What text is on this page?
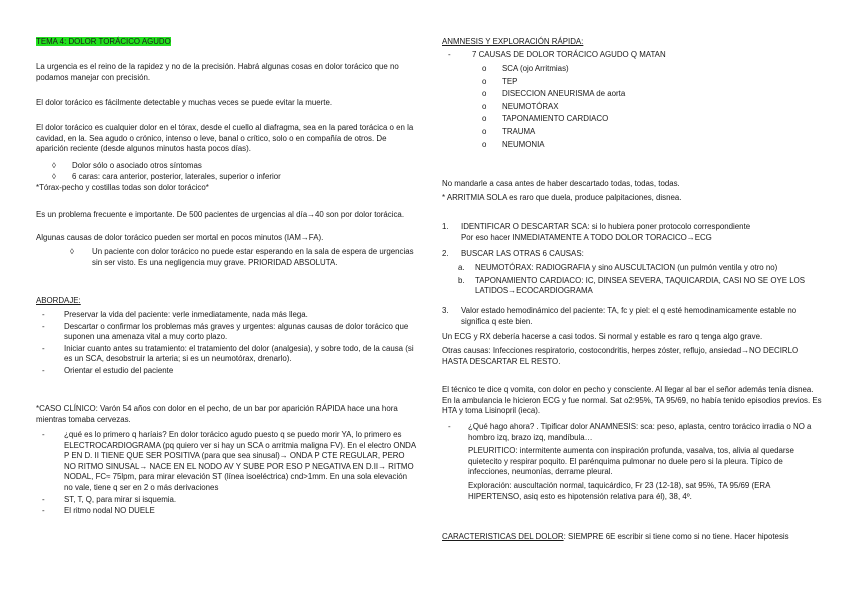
TEMA 4: DOLOR TORÁCICO AGUDO

La urgencia es el reino de la rapidez y no de la precisión. Habrá algunas cosas en dolor torácico que no podamos manejar con precisión.

El dolor torácico es fácilmente detectable y muchas veces se puede evitar la muerte.

El dolor torácico es cualquier dolor en el tórax, desde el cuello al diafragma, sea en la pared torácica o en la cavidad, en la. Sea agudo o crónico, intenso o leve, banal o crítico, solo o en compañía de otros. De aparición reciente (desde algunos minutos hasta pocos días).

◊	Dolor sólo o asociado otros síntomas
◊	6 caras: cara anterior, posterior, laterales, superior o inferior

*Tórax-pecho y costillas todas son dolor torácico*

Es un problema frecuente e importante. De 500 pacientes de urgencias al día→40 son por dolor torácica.

Algunas causas de dolor torácico pueden ser mortal en pocos minutos (IAM→FA).

◊	Un paciente con dolor torácico no puede estar esperando en la sala de espera de urgencias sin ser visto. Es una negligencia muy grave. PRIORIDAD ABSOLUTA.
ABORDAJE:
-	Preservar la vida del paciente: verle inmediatamente, nada más llega.
-	Descartar o confirmar los problemas más graves y urgentes: algunas causas de dolor torácico que suponen una amenaza vital a muy corto plazo.
-	Iniciar cuanto antes su tratamiento: el tratamiento del dolor (analgesia), y sobre todo, de la causa (si es un SCA, desobstruir la arteria; si es un neumotórax, drenarlo).
-	Orientar el estudio del paciente

*CASO CLÍNICO: Varón 54 años con dolor en el pecho, de un bar por aparición RÁPIDA hace una hora mientras tomaba cervezas.

-	¿qué es lo primero q haríais? En dolor torácico agudo puesto q se puedo morir YA, lo primero es ELECTROCARDIOGRAMA (pq quiero ver si hay un SCA o arritmia maligna FV). En el electro ONDA P EN D. II TIENE QUE SER POSITIVA (para que sea sinusal)→ ONDA P CTE REGULAR, PERO NO RITMO SINUSAL→ NACE EN EL NODO AV Y SUBE POR ESO P NEGATIVA EN D.II→ RITMO NODAL, FC≈ 75lpm, para mirar elevación ST (línea isoeléctrica) cnd>1mm. En una sola elevación no vale, tiene q ser en 2 o más derivaciones
-	ST, T, Q, para mirar si isquemia.
-	El ritmo nodal NO DUELE
ANMNESIS Y EXPLORACIÓN RÁPIDA:
-	7 CAUSAS DE DOLOR TORÁCICO AGUDO Q MATAN
o	SCA (ojo Arritmias)
o	TEP
o	DISECCION ANEURISMA de aorta
o	NEUMOTÓRAX
o	TAPONAMIENTO CARDIACO
o	TRAUMA
o	NEUMONIA

No mandarle a casa antes de haber descartado todas, todas, todas.

* ARRITMIA SOLA es raro que duela, produce palpitaciones, disnea.

1.	IDENTIFICAR O DESCARTAR SCA: si lo hubiera poner protocolo correspondiente
Por eso hacer INMEDIATAMENTE A TODO DOLOR TORACICO→ECG
2.	BUSCAR LAS OTRAS 6 CAUSAS:
a.	NEUMOTÓRAX: RADIOGRAFIA y sino AUSCULTACION (un pulmón ventila y otro no)
b.	TAPONAMIENTO CARDIACO: IC, DINSEA SEVERA, TAQUICARDIA, CASI NO SE OYE LOS LATIDOS→ECOCARDIOGRAMA
3.	Valor estado hemodinámico del paciente: TA, fc y piel: el q esté hemodinamicamente estable no significa q este bien.

Un ECG y RX debería hacerse a casi todos. Si normal y estable es raro q tenga algo grave.

Otras causas: Infecciones respiratorio, costocondritis, herpes zóster, reflujo, ansiedad→NO DECIRLO HASTA DESCARTAR EL RESTO.

El técnico te dice q vomita, con dolor en pecho y consciente. Al llegar al bar el señor además tenía disnea. En la ambulancia le hicieron ECG y fue normal. Sat o2:95%, TA 95/69, no había tenido episodios previos. Es HTA y toma Lisinopril (ieca).

-	¿Qué hago ahora? . Tipificar dolor ANAMNESIS: sca: peso, aplasta, centro torácico irradia o NO a hombro izq, brazo izq, mandíbula…
PLEURITICO: intermitente aumenta con inspiración profunda, vasalva, tos, alivia al quedarse quietecito y respirar poquito. El parénquima pulmonar no duele pero si la pleura. Típico de infecciones, neumonías, derrame pleural.
Exploración: auscultación normal, taquicárdico, Fr 23 (12-18), sat 95%, TA 95/69 (ERA HIPERTENSO, asiq esto es hipotensión relativa para él), 38, 4º.

CARACTERISTICAS DEL DOLOR: SIEMPRE 6E escribir si tiene como si no tiene. Hacer hipotesis
